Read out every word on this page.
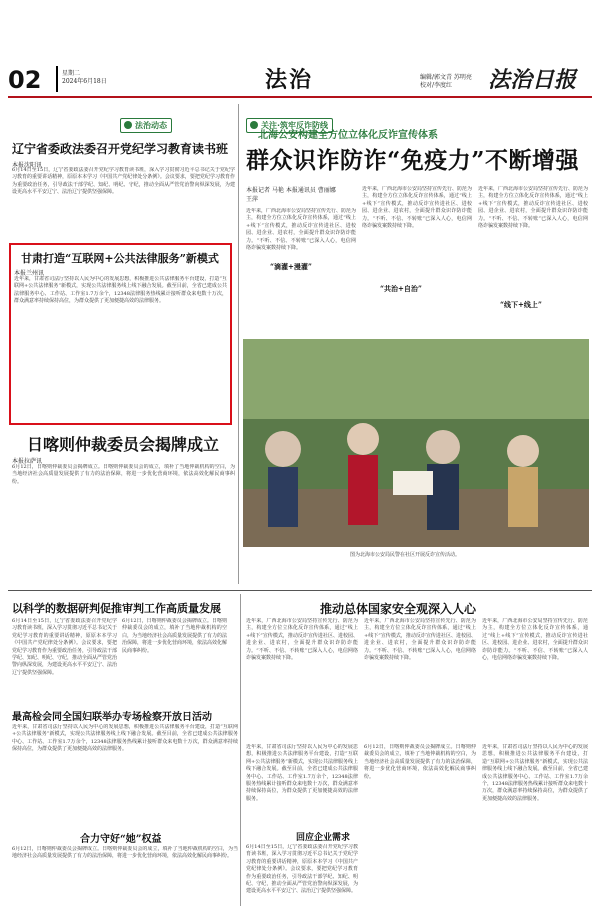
02	星期二
2024年6月18日	法治	编辑/郭文青 苏明亮
校对/李度红	法治日报
法治动态
辽宁省委政法委召开党纪学习教育读书班
本报沈阳讯
6月14日至15日，辽宁省委政法委召开党纪学习教育读书班，深入学习贯彻习近平总书记关于党纪学习教育的重要讲话精神，原原本本学习《中国共产党纪律处分条例》。会议要求，要把党纪学习教育作为重要政治任务，引导政法干部学纪、知纪、明纪、守纪，推动全面从严管党治警向纵深发展，为建设更高水平平安辽宁、法治辽宁提供坚强保障。
甘肃打造“互联网+公共法律服务”新模式
本报兰州讯
近年来，甘肃省司法厅坚持以人民为中心的发展思想，积极推进公共法律服务平台建设，打造“互联网+公共法律服务”新模式，实现公共法律服务线上线下融合发展。截至目前，全省已建成公共法律服务中心、工作站、工作室1.7万余个，12348法律服务热线累计接听群众来电数十万次，群众满意率持续保持高位，为群众提供了更加便捷高效的法律服务。
日喀则仲裁委员会揭牌成立
本报拉萨讯
6月12日，日喀则仲裁委员会揭牌成立。日喀则仲裁委员会的成立，填补了当地仲裁机构的空白，为当地经济社会高质量发展提供了有力的法治保障，将进一步优化营商环境，依法高效化解民商事纠纷。
关注·筑牢反诈防线
北海公安构建全方位立体化反诈宣传体系
群众识诈防诈“免疫力”不断增强
本报记者 马艳 本报通讯员 曹丽娜 王萍
近年来，广西北海市公安局坚持宣传先行、防范为主，构建全方位立体化反诈宣传体系，通过“线上+线下”宣传模式，推动反诈宣传进社区、进校园、进企业、进农村，全面提升群众识诈防诈能力。“不听、不信、不转账”已深入人心，电信网络诈骗发案数持续下降。
“滴灌+漫灌”
近年来，广西北海市公安局坚持宣传先行、防范为主，构建全方位立体化反诈宣传体系，通过“线上+线下”宣传模式，推动反诈宣传进社区、进校园、进企业、进农村，全面提升群众识诈防诈能力。“不听、不信、不转账”已深入人心，电信网络诈骗发案数持续下降。
“共治+自治”
近年来，广西北海市公安局坚持宣传先行、防范为主，构建全方位立体化反诈宣传体系，通过“线上+线下”宣传模式，推动反诈宣传进社区、进校园、进企业、进农村，全面提升群众识诈防诈能力。“不听、不信、不转账”已深入人心，电信网络诈骗发案数持续下降。
“线下+线上”
图为北海市公安局民警在社区开展反诈宣传活动。
以科学的数据研判促推审判工作高质量发展
6月14日至15日，辽宁省委政法委召开党纪学习教育读书班，深入学习贯彻习近平总书记关于党纪学习教育的重要讲话精神，原原本本学习《中国共产党纪律处分条例》。会议要求，要把党纪学习教育作为重要政治任务，引导政法干部学纪、知纪、明纪、守纪，推动全面从严管党治警向纵深发展，为建设更高水平平安辽宁、法治辽宁提供坚强保障。
6月12日，日喀则仲裁委员会揭牌成立。日喀则仲裁委员会的成立，填补了当地仲裁机构的空白，为当地经济社会高质量发展提供了有力的法治保障，将进一步优化营商环境，依法高效化解民商事纠纷。
最高检会同全国妇联举办专场检察开放日活动
近年来，甘肃省司法厅坚持以人民为中心的发展思想，积极推进公共法律服务平台建设，打造“互联网+公共法律服务”新模式，实现公共法律服务线上线下融合发展。截至目前，全省已建成公共法律服务中心、工作站、工作室1.7万余个，12348法律服务热线累计接听群众来电数十万次，群众满意率持续保持高位，为群众提供了更加便捷高效的法律服务。
合力守好“她”权益
6月12日，日喀则仲裁委员会揭牌成立。日喀则仲裁委员会的成立，填补了当地仲裁机构的空白，为当地经济社会高质量发展提供了有力的法治保障，将进一步优化营商环境，依法高效化解民商事纠纷。
推动总体国家安全观深入人心
近年来，广西北海市公安局坚持宣传先行、防范为主，构建全方位立体化反诈宣传体系，通过“线上+线下”宣传模式，推动反诈宣传进社区、进校园、进企业、进农村，全面提升群众识诈防诈能力。“不听、不信、不转账”已深入人心，电信网络诈骗发案数持续下降。
近年来，广西北海市公安局坚持宣传先行、防范为主，构建全方位立体化反诈宣传体系，通过“线上+线下”宣传模式，推动反诈宣传进社区、进校园、进企业、进农村，全面提升群众识诈防诈能力。“不听、不信、不转账”已深入人心，电信网络诈骗发案数持续下降。
近年来，广西北海市公安局坚持宣传先行、防范为主，构建全方位立体化反诈宣传体系，通过“线上+线下”宣传模式，推动反诈宣传进社区、进校园、进企业、进农村，全面提升群众识诈防诈能力。“不听、不信、不转账”已深入人心，电信网络诈骗发案数持续下降。
回应企业需求
近年来，甘肃省司法厅坚持以人民为中心的发展思想，积极推进公共法律服务平台建设，打造“互联网+公共法律服务”新模式，实现公共法律服务线上线下融合发展。截至目前，全省已建成公共法律服务中心、工作站、工作室1.7万余个，12348法律服务热线累计接听群众来电数十万次，群众满意率持续保持高位，为群众提供了更加便捷高效的法律服务。
6月14日至15日，辽宁省委政法委召开党纪学习教育读书班，深入学习贯彻习近平总书记关于党纪学习教育的重要讲话精神，原原本本学习《中国共产党纪律处分条例》。会议要求，要把党纪学习教育作为重要政治任务，引导政法干部学纪、知纪、明纪、守纪，推动全面从严管党治警向纵深发展，为建设更高水平平安辽宁、法治辽宁提供坚强保障。
6月12日，日喀则仲裁委员会揭牌成立。日喀则仲裁委员会的成立，填补了当地仲裁机构的空白，为当地经济社会高质量发展提供了有力的法治保障，将进一步优化营商环境，依法高效化解民商事纠纷。
近年来，甘肃省司法厅坚持以人民为中心的发展思想，积极推进公共法律服务平台建设，打造“互联网+公共法律服务”新模式，实现公共法律服务线上线下融合发展。截至目前，全省已建成公共法律服务中心、工作站、工作室1.7万余个，12348法律服务热线累计接听群众来电数十万次，群众满意率持续保持高位，为群众提供了更加便捷高效的法律服务。
